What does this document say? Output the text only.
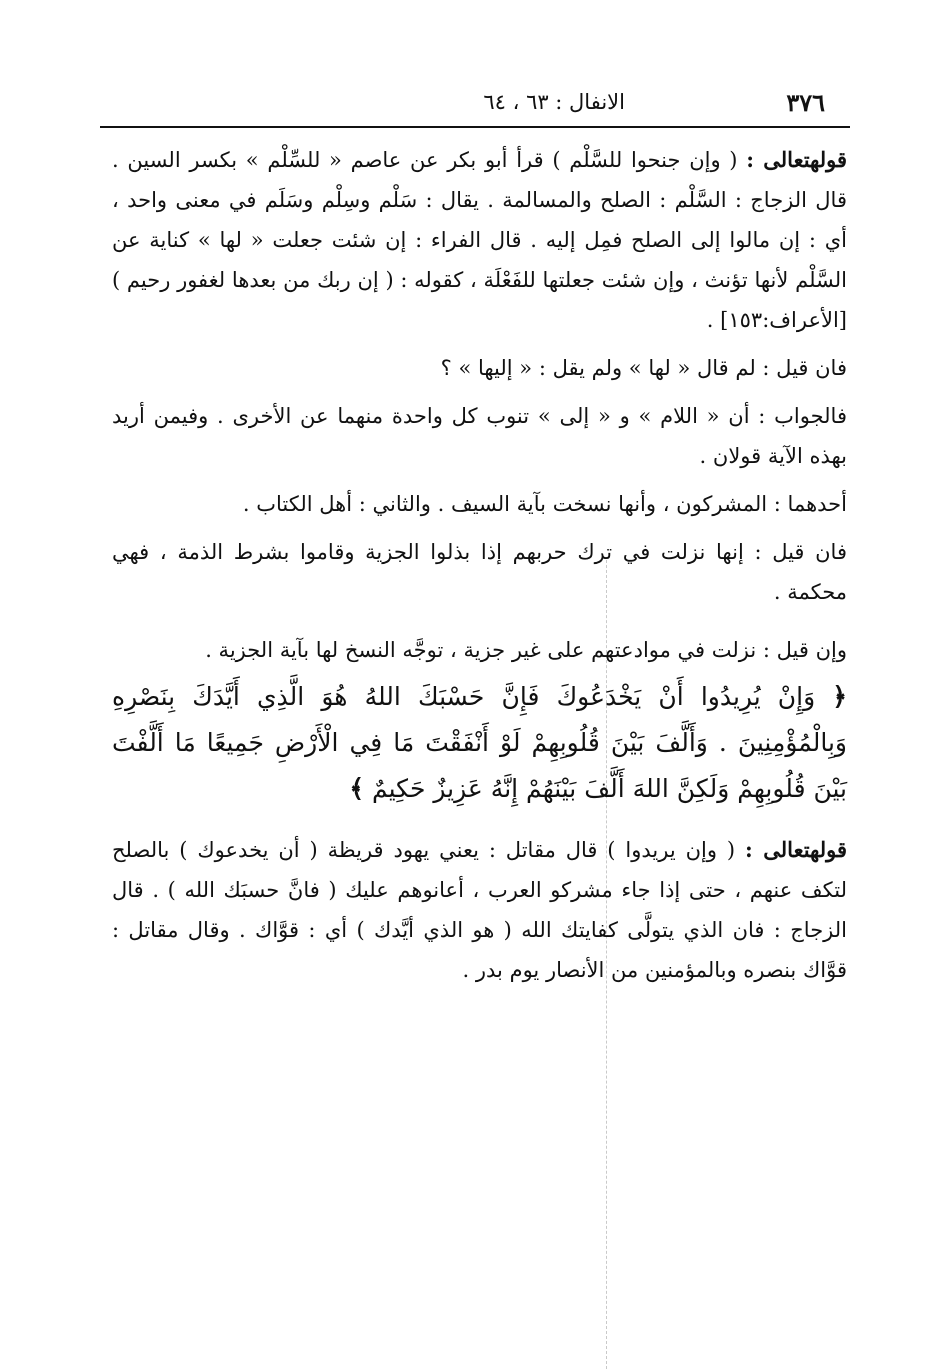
٣٧٦
الانفال : ٦٣ ، ٦٤

قولهتعالى : ( وإن جنحوا للسَّلْم ) قرأ أبو بكر عن عاصم « للسِّلْم » بكسر السين . قال الزجاج : السَّلْم : الصلح والمسالمة . يقال : سَلْم وسِلْم وسَلَم في معنى واحد ، أي : إن مالوا إلى الصلح فمِل إليه . قال الفراء : إن شئت جعلت « لها » كناية عن السَّلْم لأنها تؤنث ، وإن شئت جعلتها للفَعْلَة ، كقوله : ( إن ربك من بعدها لغفور رحيم ) [الأعراف:١٥٣] .

فان قيل : لم قال « لها » ولم يقل : « إليها » ؟

فالجواب : أن « اللام » و « إلى » تنوب كل واحدة منهما عن الأخرى . وفيمن أريد بهذه الآية قولان .

أحدهما : المشركون ، وأنها نسخت بآية السيف . والثاني : أهل الكتاب .

فان قيل : إنها نزلت في ترك حربهم إذا بذلوا الجزية وقاموا بشرط الذمة ، فهي محكمة .

وإن قيل : نزلت في موادعتهم على غير جزية ، توجَّه النسخ لها بآية الجزية .

﴿ وَإِنْ يُرِيدُوا أَنْ يَخْدَعُوكَ فَإِنَّ حَسْبَكَ اللهُ هُوَ الَّذِي أَيَّدَكَ بِنَصْرِهِ وَبِالْمُؤْمِنِينَ . وَأَلَّفَ بَيْنَ قُلُوبِهِمْ لَوْ أَنْفَقْتَ مَا فِي الْأَرْضِ جَمِيعًا مَا أَلَّفْتَ بَيْنَ قُلُوبِهِمْ وَلَكِنَّ اللهَ أَلَّفَ بَيْنَهُمْ إِنَّهُ عَزِيزٌ حَكِيمٌ ﴾

قولهتعالى : ( وإن يريدوا ) قال مقاتل : يعني يهود قريظة ( أن يخدعوك ) بالصلح لتكف عنهم ، حتى إذا جاء مشركو العرب ، أعانوهم عليك ( فانَّ حسبَك الله ) . قال الزجاج : فان الذي يتولَّى كفايتك الله ( هو الذي أيَّدك ) أي : قوَّاك . وقال مقاتل : قوَّاك بنصره وبالمؤمنين من الأنصار يوم بدر .
